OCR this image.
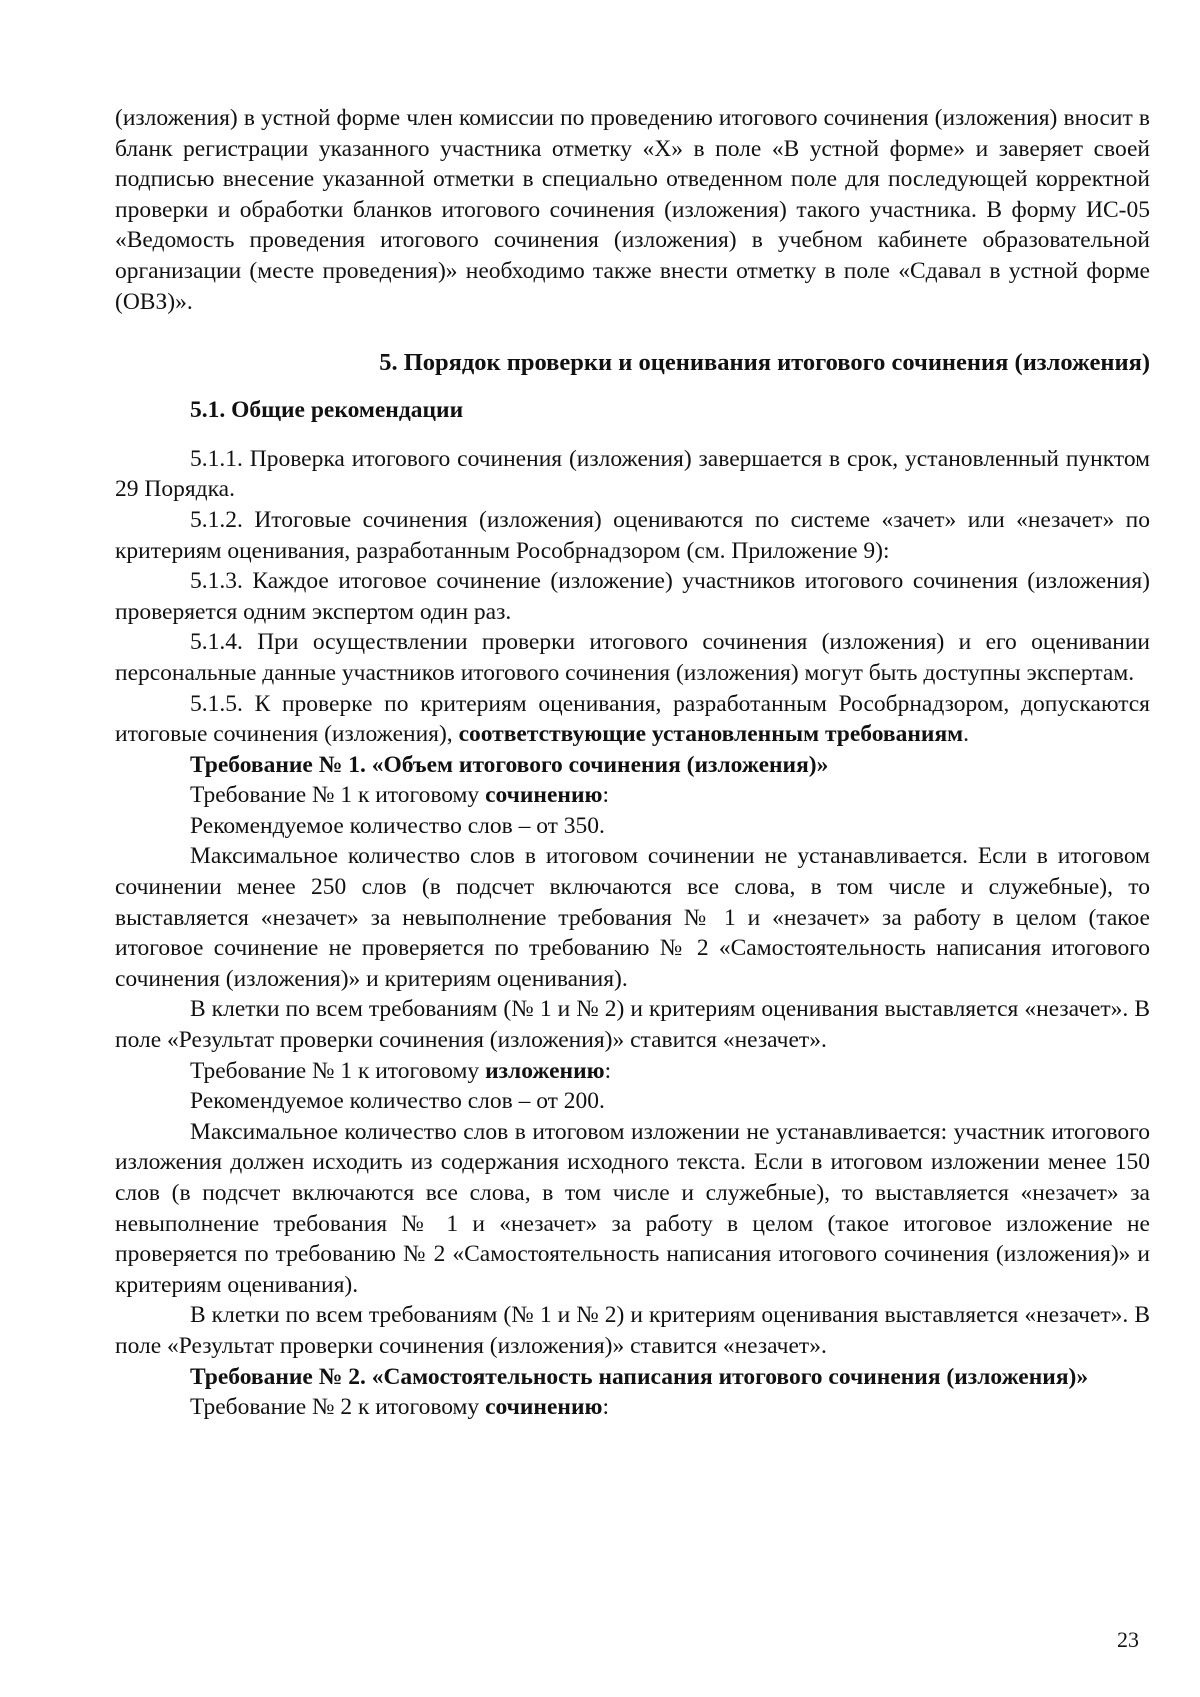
(изложения) в устной форме член комиссии по проведению итогового сочинения (изложения) вносит в бланк регистрации указанного участника отметку «Х» в поле «В устной форме» и заверяет своей подписью внесение указанной отметки в специально отведенном поле для последующей корректной проверки и обработки бланков итогового сочинения (изложения) такого участника. В форму ИС-05 «Ведомость проведения итогового сочинения (изложения) в учебном кабинете образовательной организации (месте проведения)» необходимо также внести отметку в поле «Сдавал в устной форме (ОВЗ)».

5. Порядок проверки и оценивания итогового сочинения (изложения)

5.1. Общие рекомендации

5.1.1. Проверка итогового сочинения (изложения) завершается в срок, установленный пунктом 29 Порядка.

5.1.2. Итоговые сочинения (изложения) оцениваются по системе «зачет» или «незачет» по критериям оценивания, разработанным Рособрнадзором (см. Приложение 9):

5.1.3. Каждое итоговое сочинение (изложение) участников итогового сочинения (изложения) проверяется одним экспертом один раз.

5.1.4. При осуществлении проверки итогового сочинения (изложения) и его оценивании персональные данные участников итогового сочинения (изложения) могут быть доступны экспертам.

5.1.5. К проверке по критериям оценивания, разработанным Рособрнадзором, допускаются итоговые сочинения (изложения), соответствующие установленным требованиям.

Требование № 1. «Объем итогового сочинения (изложения)»

Требование № 1 к итоговому сочинению:

Рекомендуемое количество слов – от 350.

Максимальное количество слов в итоговом сочинении не устанавливается. Если в итоговом сочинении менее 250 слов (в подсчет включаются все слова, в том числе и служебные), то выставляется «незачет» за невыполнение требования № 1 и «незачет» за работу в целом (такое итоговое сочинение не проверяется по требованию № 2 «Самостоятельность написания итогового сочинения (изложения)» и критериям оценивания).

В клетки по всем требованиям (№ 1 и № 2) и критериям оценивания выставляется «незачет». В поле «Результат проверки сочинения (изложения)» ставится «незачет».

Требование № 1 к итоговому изложению:

Рекомендуемое количество слов – от 200.

Максимальное количество слов в итоговом изложении не устанавливается: участник итогового изложения должен исходить из содержания исходного текста. Если в итоговом изложении менее 150 слов (в подсчет включаются все слова, в том числе и служебные), то выставляется «незачет» за невыполнение требования № 1 и «незачет» за работу в целом (такое итоговое изложение не проверяется по требованию № 2 «Самостоятельность написания итогового сочинения (изложения)» и критериям оценивания).

В клетки по всем требованиям (№ 1 и № 2) и критериям оценивания выставляется «незачет». В поле «Результат проверки сочинения (изложения)» ставится «незачет».

Требование № 2. «Самостоятельность написания итогового сочинения (изложения)»

Требование № 2 к итоговому сочинению:

23
